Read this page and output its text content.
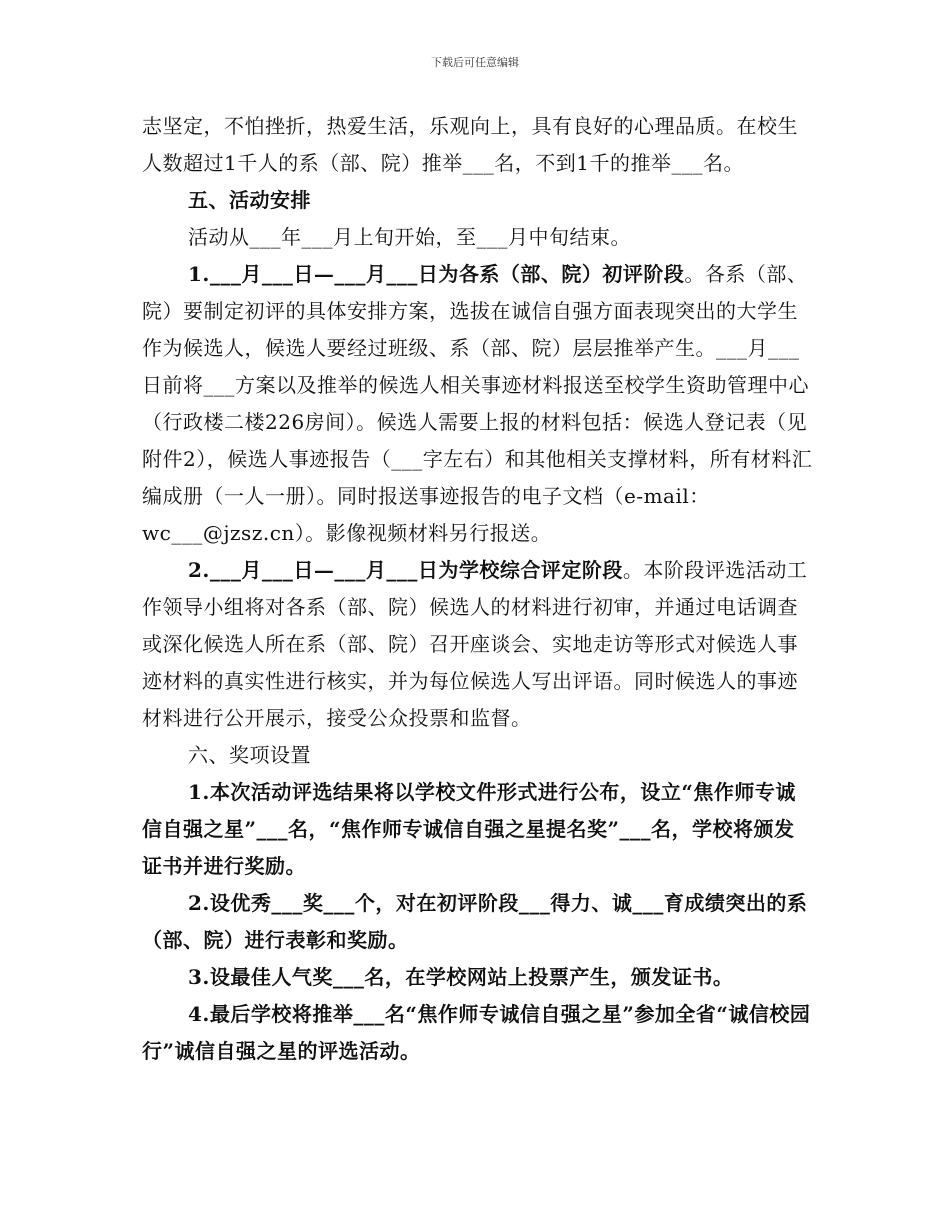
下载后可任意编辑

志坚定，不怕挫折，热爱生活，乐观向上，具有良好的心理品质。在校生人数超过1千人的系（部、院）推举___名，不到1千的推举___名。

五、活动安排

活动从___年___月上旬开始，至___月中旬结束。

1.___月___日—___月___日为各系（部、院）初评阶段。各系（部、院）要制定初评的具体安排方案，选拔在诚信自强方面表现突出的大学生作为候选人，候选人要经过班级、系（部、院）层层推举产生。___月___日前将___方案以及推举的候选人相关事迹材料报送至校学生资助管理中心（行政楼二楼226房间）。候选人需要上报的材料包括：候选人登记表（见附件2），候选人事迹报告（___字左右）和其他相关支撑材料，所有材料汇编成册（一人一册）。同时报送事迹报告的电子文档（e-mail：wc___@jzsz.cn）。影像视频材料另行报送。

2.___月___日—___月___日为学校综合评定阶段。本阶段评选活动工作领导小组将对各系（部、院）候选人的材料进行初审，并通过电话调查或深化候选人所在系（部、院）召开座谈会、实地走访等形式对候选人事迹材料的真实性进行核实，并为每位候选人写出评语。同时候选人的事迹材料进行公开展示，接受公众投票和监督。

六、奖项设置

1.本次活动评选结果将以学校文件形式进行公布，设立“焦作师专诚信自强之星”___名，“焦作师专诚信自强之星提名奖”___名，学校将颁发证书并进行奖励。

2.设优秀___奖___个，对在初评阶段___得力、诚___育成绩突出的系（部、院）进行表彰和奖励。

3.设最佳人气奖___名，在学校网站上投票产生，颁发证书。

4.最后学校将推举___名“焦作师专诚信自强之星”参加全省“诚信校园行”诚信自强之星的评选活动。
